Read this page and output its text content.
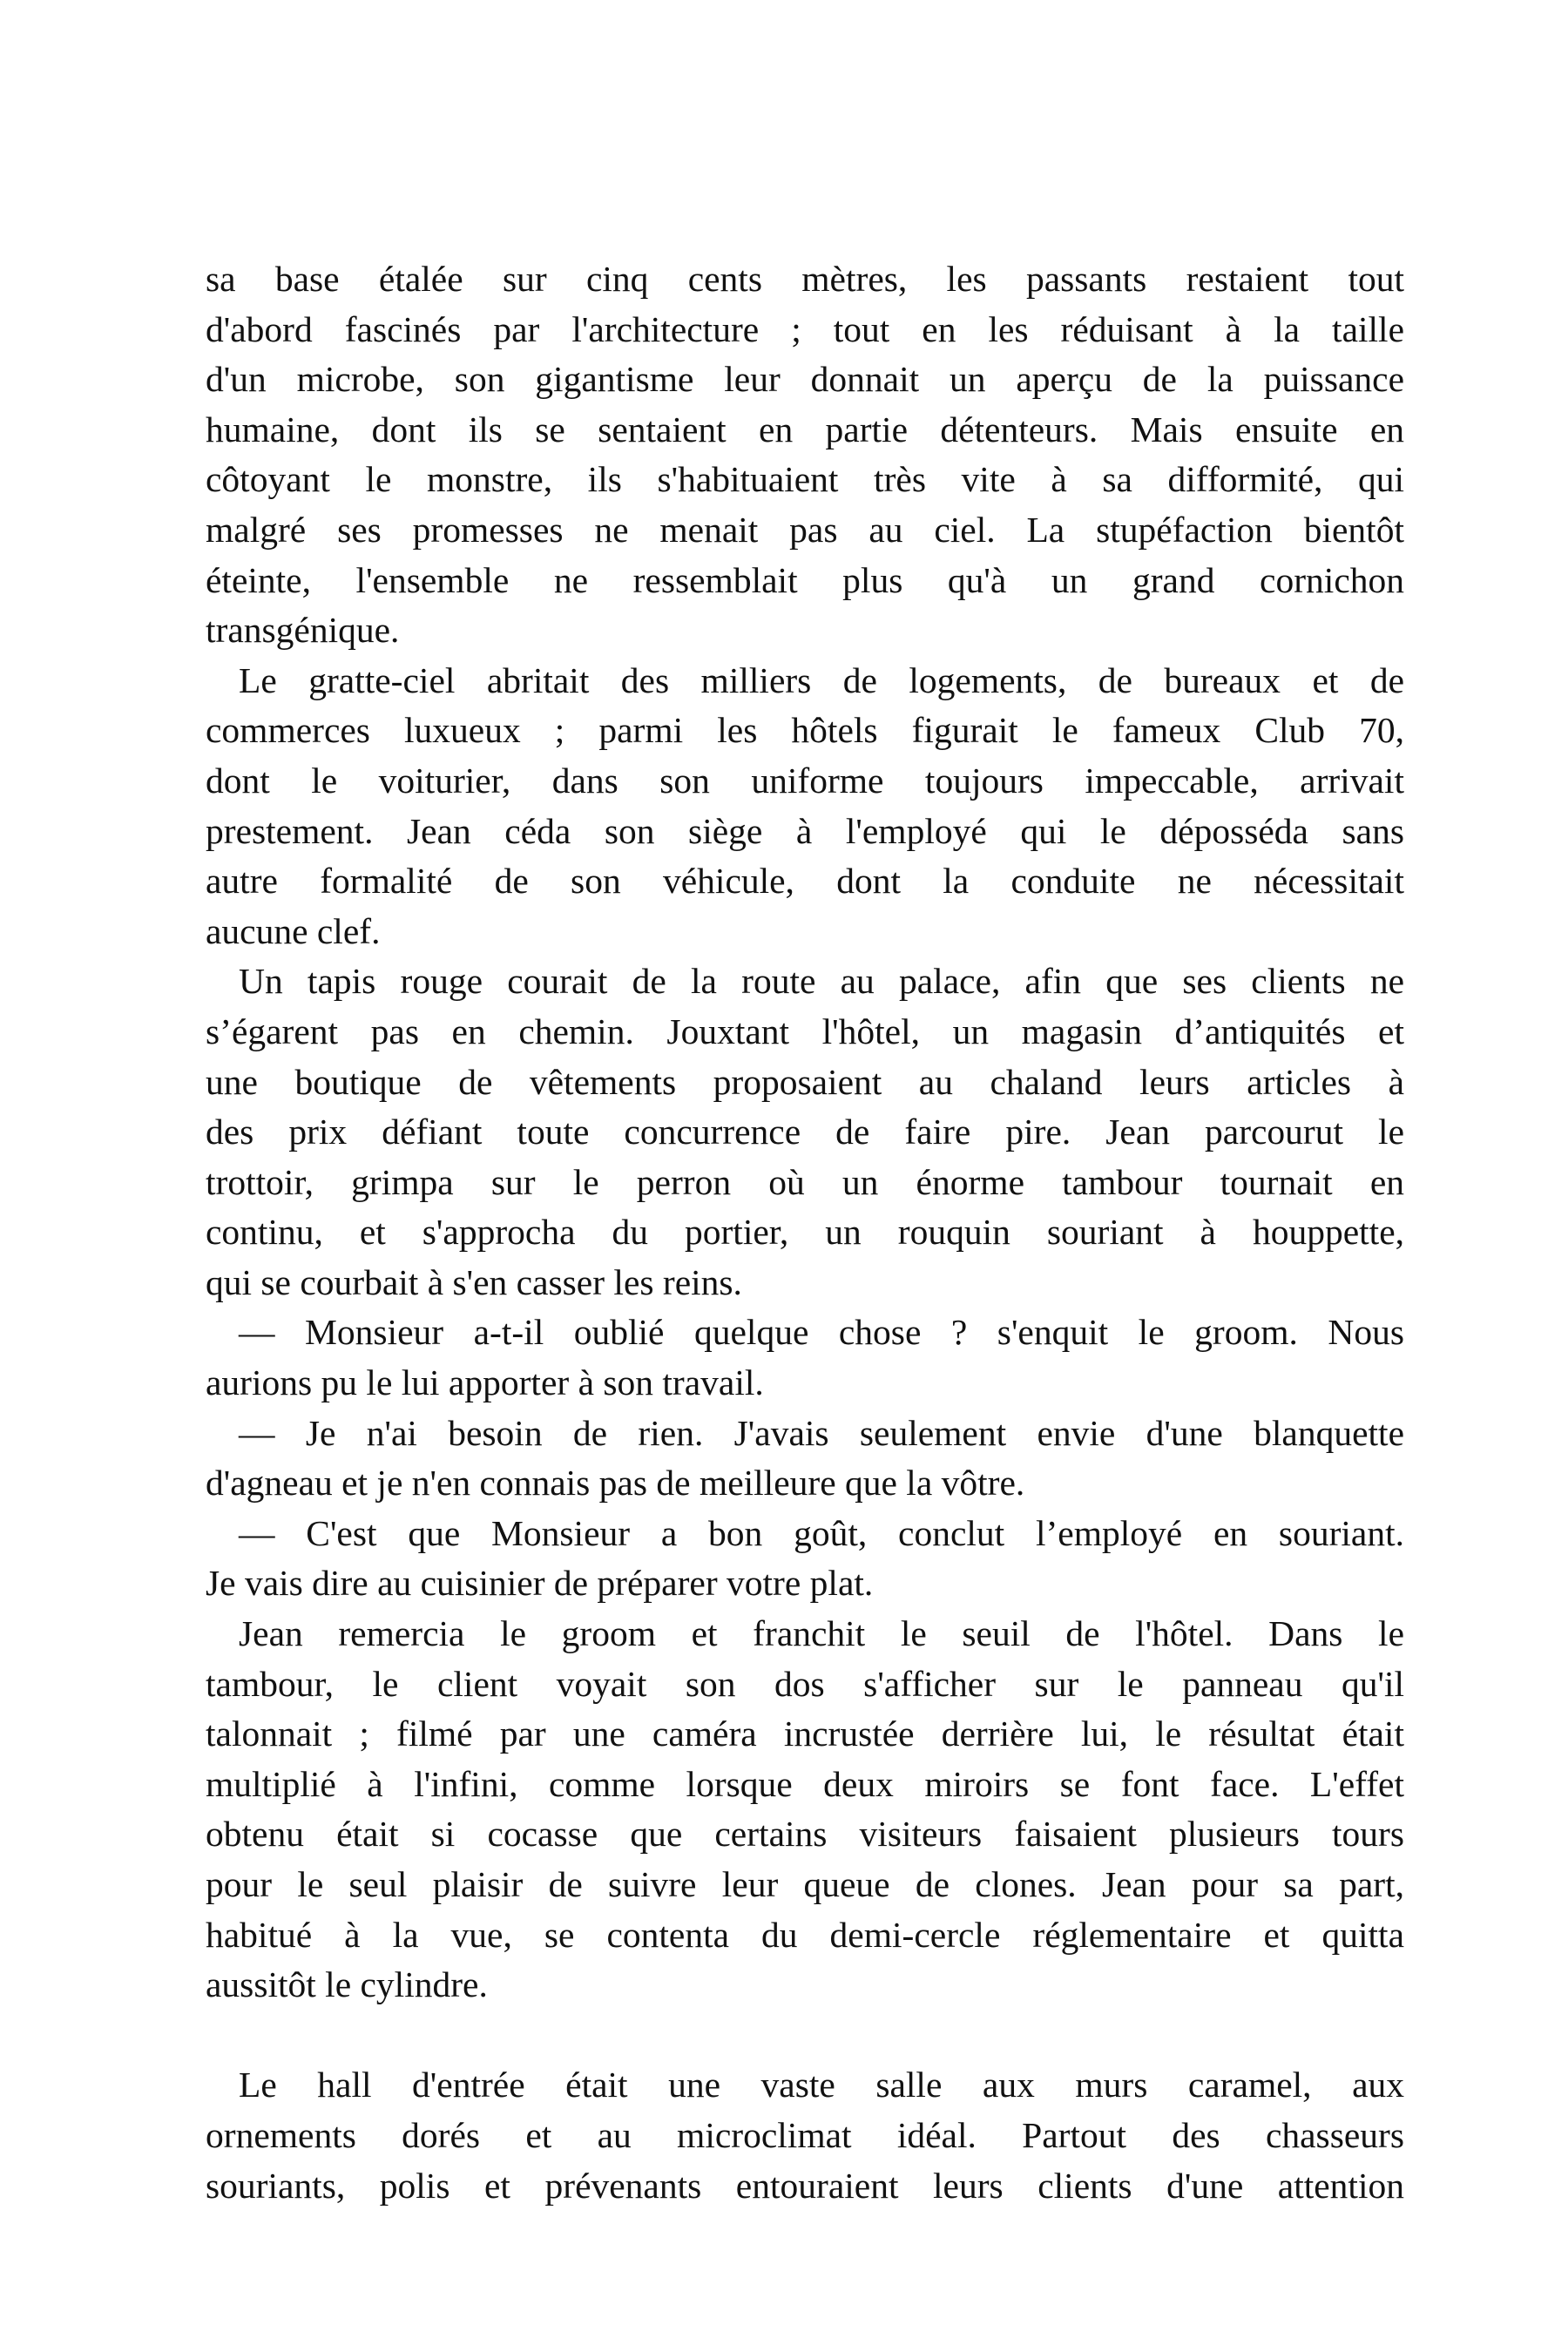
sa base étalée sur cinq cents mètres, les passants restaient tout
d'abord fascinés par l'architecture ; tout en les réduisant à la taille
d'un microbe, son gigantisme leur donnait un aperçu de la puissance
humaine, dont ils se sentaient en partie détenteurs. Mais ensuite en
côtoyant le monstre, ils s'habituaient très vite à sa difformité, qui
malgré ses promesses ne menait pas au ciel. La stupéfaction bientôt
éteinte, l'ensemble ne ressemblait plus qu'à un grand cornichon
transgénique.
Le gratte-ciel abritait des milliers de logements, de bureaux et de
commerces luxueux ; parmi les hôtels figurait le fameux Club 70,
dont le voiturier, dans son uniforme toujours impeccable, arrivait
prestement. Jean céda son siège à l'employé qui le dépossédа sans
autre formalité de son véhicule, dont la conduite ne nécessitait
aucune clef.
Un tapis rouge courait de la route au palace, afin que ses clients ne
s’égarent pas en chemin. Jouxtant l'hôtel, un magasin d’antiquités et
une boutique de vêtements proposaient au chaland leurs articles à
des prix défiant toute concurrence de faire pire. Jean parcourut le
trottoir, grimpa sur le perron où un énorme tambour tournait en
continu, et s'approcha du portier, un rouquin souriant à houppette,
qui se courbait à s'en casser les reins.
— Monsieur a-t-il oublié quelque chose ? s'enquit le groom. Nous
aurions pu le lui apporter à son travail.
— Je n'ai besoin de rien. J'avais seulement envie d'une blanquette
d'agneau et je n'en connais pas de meilleure que la vôtre.
— C'est que Monsieur a bon goût, conclut l’employé en souriant.
Je vais dire au cuisinier de préparer votre plat.
Jean remercia le groom et franchit le seuil de l'hôtel. Dans le
tambour, le client voyait son dos s'afficher sur le panneau qu'il
talonnait ; filmé par une caméra incrustée derrière lui, le résultat était
multiplié à l'infini, comme lorsque deux miroirs se font face. L'effet
obtenu était si cocasse que certains visiteurs faisaient plusieurs tours
pour le seul plaisir de suivre leur queue de clones. Jean pour sa part,
habitué à la vue, se contenta du demi-cercle réglementaire et quitta
aussitôt le cylindre.
Le hall d'entrée était une vaste salle aux murs caramel, aux
ornements dorés et au microclimat idéal. Partout des chasseurs
souriants, polis et prévenants entouraient leurs clients d'une attention
